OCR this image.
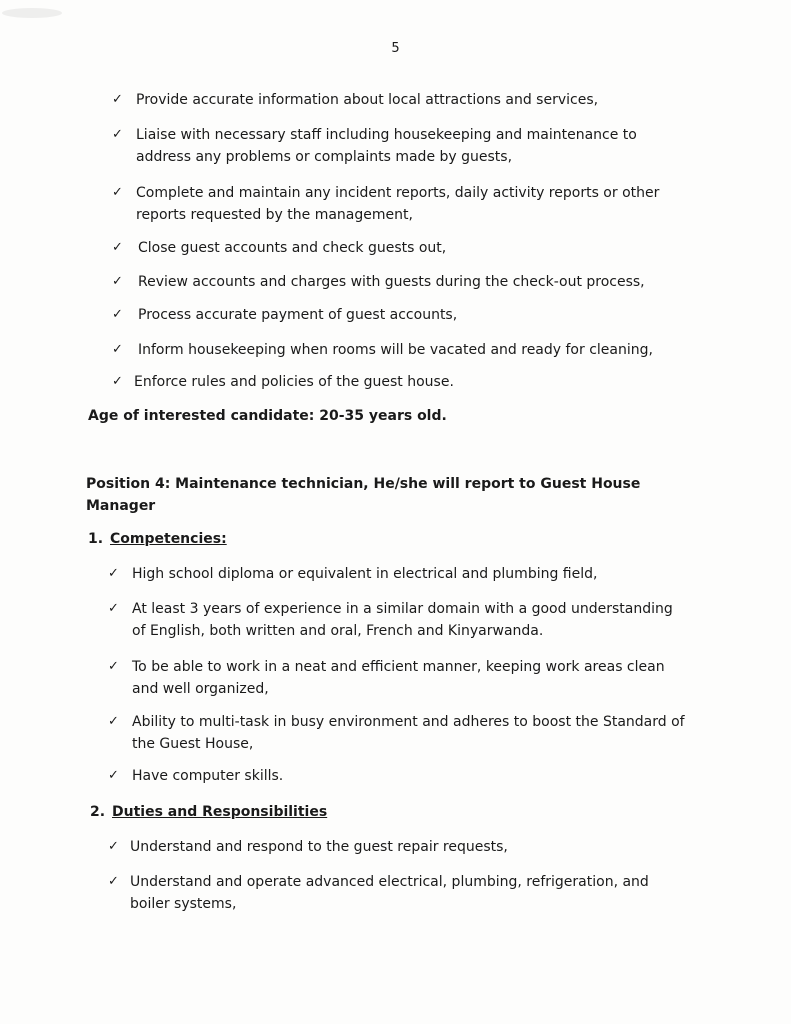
5
✓ Provide accurate information about local attractions and services,
✓ Liaise with necessary staff including housekeeping and maintenance to address any problems or complaints made by guests,
✓ Complete and maintain any incident reports, daily activity reports or other reports requested by the management,
✓	Close guest accounts and check guests out,
✓	Review accounts and charges with guests during the check-out process,
✓	Process accurate payment of guest accounts,
✓	Inform housekeeping when rooms will be vacated and ready for cleaning,
✓ Enforce rules and policies of the guest house.
Age of interested candidate: 20-35 years old.
Position 4: Maintenance technician, He/she will report to Guest House Manager
1. Competencies:
✓ High school diploma or equivalent in electrical and plumbing field,
✓ At least 3 years of experience in a similar domain with a good understanding of English, both written and oral, French and Kinyarwanda.
✓ To be able to work in a neat and efficient manner, keeping work areas clean and well organized,
✓ Ability to multi-task in busy environment and adheres to boost the Standard of the Guest House,
✓ Have computer skills.
2. Duties and Responsibilities
✓ Understand and respond to the guest repair requests,
✓ Understand and operate advanced electrical, plumbing, refrigeration, and boiler systems,
